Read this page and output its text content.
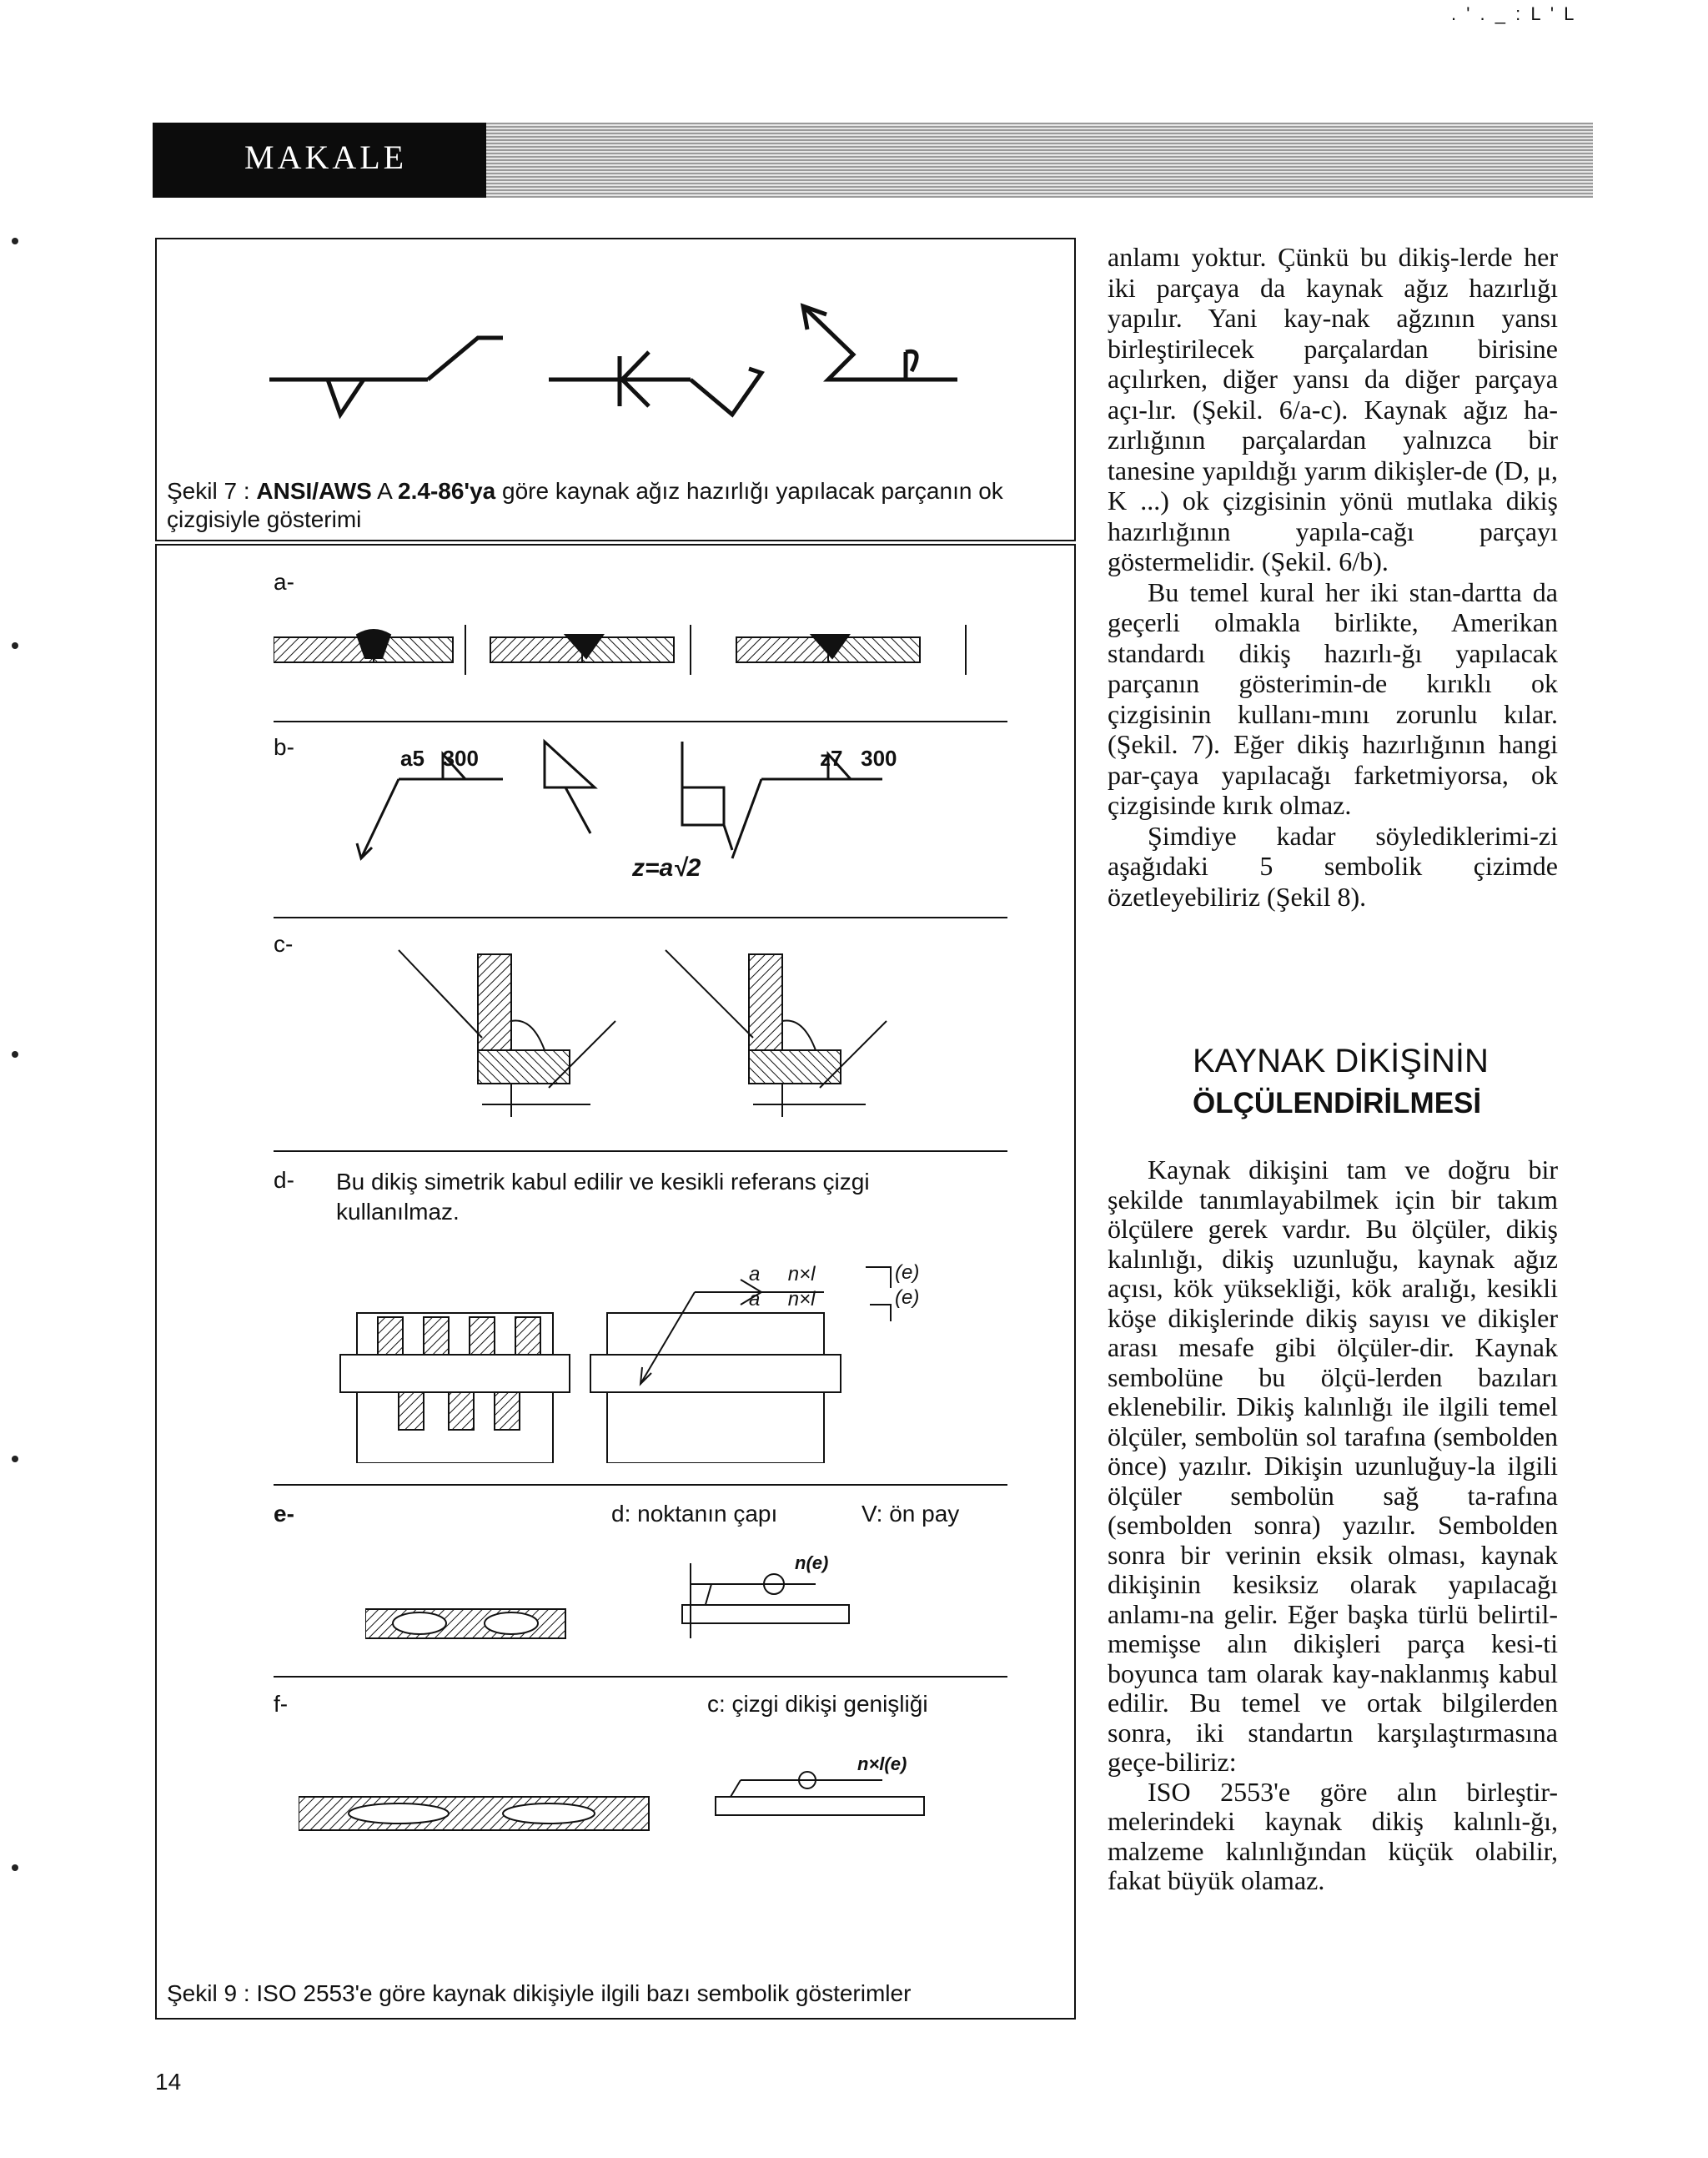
. ' . _ : L ' L
MAKALE
Şekil 7 : ANSI/AWS A 2.4-86'ya göre kaynak ağız hazırlığı yapılacak parçanın ok çizgisiyle gösterimi
a-
b-	a5 300	z7 300
z=a√2
c-
d- Bu dikiş simetrik kabul edilir ve kesikli referans çizgi kullanılmaz.
a n×l
a n×l
(e)
(e)
e-	d: noktanın çapı	V: ön pay
n(e)
f-	c: çizgi dikişi genişliği
n×l(e)
Şekil 9 : ISO 2553'e göre kaynak dikişiyle ilgili bazı sembolik gösterimler

anlamı yoktur. Çünkü bu dikiş-lerde her iki parçaya da kaynak ağız hazırlığı yapılır. Yani kay-nak ağzının yansı birleştirilecek parçalardan birisine açılırken, diğer yansı da diğer parçaya açı-lır. (Şekil. 6/a-c). Kaynak ağız ha-zırlığının parçalardan yalnızca bir tanesine yapıldığı yarım dikişler-de (D, μ, K ...) ok çizgisinin yönü mutlaka dikiş hazırlığının yapıla-cağı parçayı göstermelidir. (Şekil. 6/b).

Bu temel kural her iki stan-dartta da geçerli olmakla birlikte, Amerikan standardı dikiş hazırlı-ğı yapılacak parçanın gösterimin-de kırıklı ok çizgisinin kullanı-mını zorunlu kılar. (Şekil. 7). Eğer dikiş hazırlığının hangi par-çaya yapılacağı farketmiyorsa, ok çizgisinde kırık olmaz.

Şimdiye kadar söylediklerimi-zi aşağıdaki 5 sembolik çizimde özetleyebiliriz (Şekil 8).

KAYNAK DİKİŞİNİN
ÖLÇÜLENDİRİLMESİ

Kaynak dikişini tam ve doğru bir şekilde tanımlayabilmek için bir takım ölçülere gerek vardır. Bu ölçüler, dikiş kalınlığı, dikiş uzunluğu, kaynak ağız açısı, kök yüksekliği, kök aralığı, kesikli köşe dikişlerinde dikiş sayısı ve dikişler arası mesafe gibi ölçüler-dir. Kaynak sembolüne bu ölçü-lerden bazıları eklenebilir. Dikiş kalınlığı ile ilgili temel ölçüler, sembolün sol tarafına (sembolden önce) yazılır. Dikişin uzunluğuy-la ilgili ölçüler sembolün sağ ta-rafına (sembolden sonra) yazılır. Sembolden sonra bir verinin eksik olması, kaynak dikişinin kesiksiz olarak yapılacağı anlamı-na gelir. Eğer başka türlü belirtil-memişse alın dikişleri parça kesi-ti boyunca tam olarak kay-naklanmış kabul edilir. Bu temel ve ortak bilgilerden sonra, iki standartın karşılaştırmasına geçe-biliriz:

ISO 2553'e göre alın birleştir-melerindeki kaynak dikiş kalınlı-ğı, malzeme kalınlığından küçük olabilir, fakat büyük olamaz.

14
